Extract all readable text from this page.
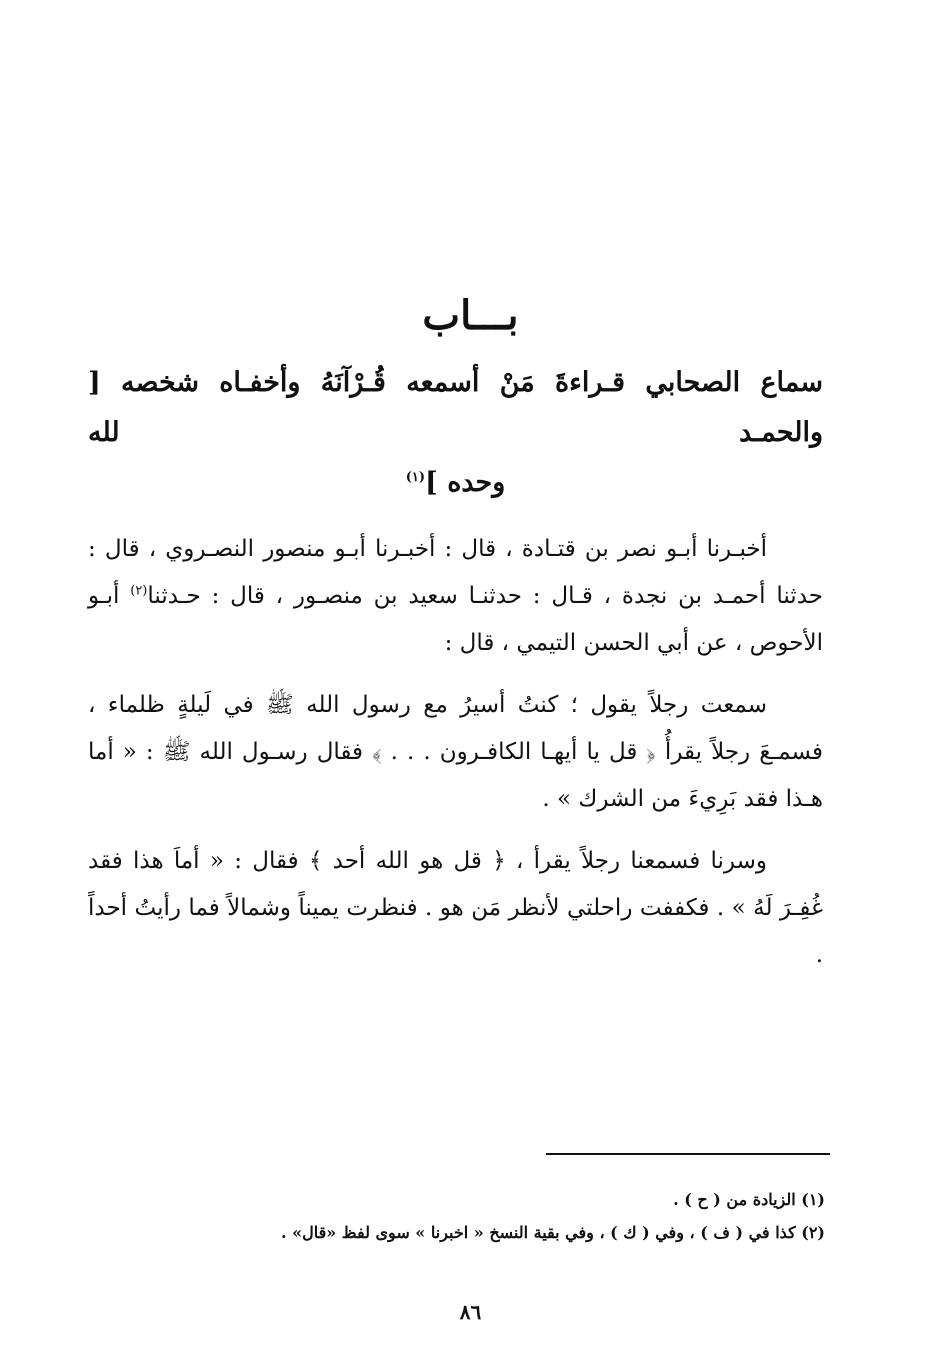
بـــاب
سماع الصحابي قـراءةَ مَنْ أسمعه قُـرْآنَهُ وأخفـاه شخصه [ والحمـد لله
وحده ]$^{(١)}$

أخبـرنا أبـو نصر بن قتـادة ، قال : أخبـرنا أبـو منصور النصـروي ، قال : حدثنا أحمـد بن نجدة ، قـال : حدثنـا سعيد بن منصـور ، قال : حـدثنا$^{(٢)}$ أبـو الأحوص ، عن أبي الحسن التيمي ، قال :

سمعت رجلاً يقول ؛ كنتُ أسيرُ مع رسول الله ﷺ في لَيلةٍ ظلماء ، فسمـعَ رجلاً يقرأُ ﴿ قل يا أيهـا الكافـرون . . . ﴾ فقال رسـول الله ﷺ : « أما هـذا فقد بَرِيءَ من الشرك » .

وسرنا فسمعنا رجلاً يقرأ ، ﴿ قل هو الله أحد ﴾ فقال : « أماَ هذا فقد غُفِـرَ لَهُ » . فكففت راحلتي لأنظر مَن هو . فنظرت يميناً وشمالاً فما رأيتُ أحداً .

(١) الزيادة من ( ح ) .
(٢) كذا في ( ف ) ، وفي ( ك ) ، وفي بقية النسخ « اخبرنا » سوى لفظ «قال» .
٨٦
